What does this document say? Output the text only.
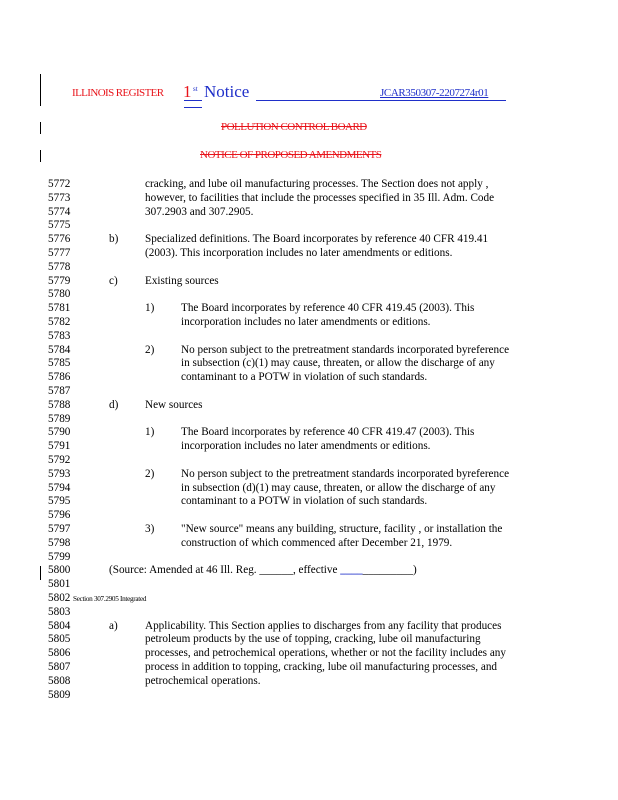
ILLINOIS REGISTER 1 st Notice	JCAR350307-2207274r01
POLLUTION CONTROL BOARD
NOTICE OF PROPOSED AMENDMENTS
5772	cracking, and lube oil manufacturing processes. The Section does not apply ,
5773	however, to facilities that include the processes specified in 35 Ill. Adm. Code
5774	307.2903 and 307.2905.
5775
5776	b) Specialized definitions. The Board incorporates by reference 40 CFR 419.41
5777	(2003). This incorporation includes no later amendments or editions.
5778
5779	c) Existing sources
5780
5781	1) The Board incorporates by reference 40 CFR 419.45 (2003). This
5782	incorporation includes no later amendments or editions.
5783
5784	2) No person subject to the pretreatment standards incorporated byreference
5785	in subsection (c)(1) may cause, threaten, or allow the discharge of any
5786	contaminant to a POTW in violation of such standards.
5787
5788	d) New sources
5789
5790	1) The Board incorporates by reference 40 CFR 419.47 (2003). This
5791	incorporation includes no later amendments or editions.
5792
5793	2) No person subject to the pretreatment standards incorporated byreference
5794	in subsection (d)(1) may cause, threaten, or allow the discharge of any
5795	contaminant to a POTW in violation of such standards.
5796
5797	3) "New source" means any building, structure, facility , or installation the
5798	construction of which commenced after December 21, 1979.
5799
5800	(Source: Amended at 46 Ill. Reg. ______, effective _____________)
5801
5802 Section 307.2905 Integrated
5803
5804	a) Applicability. This Section applies to discharges from any facility that produces
5805	petroleum products by the use of topping, cracking, lube oil manufacturing
5806	processes, and petrochemical operations, whether or not the facility includes any
5807	process in addition to topping, cracking, lube oil manufacturing processes, and
5808	petrochemical operations.
5809
